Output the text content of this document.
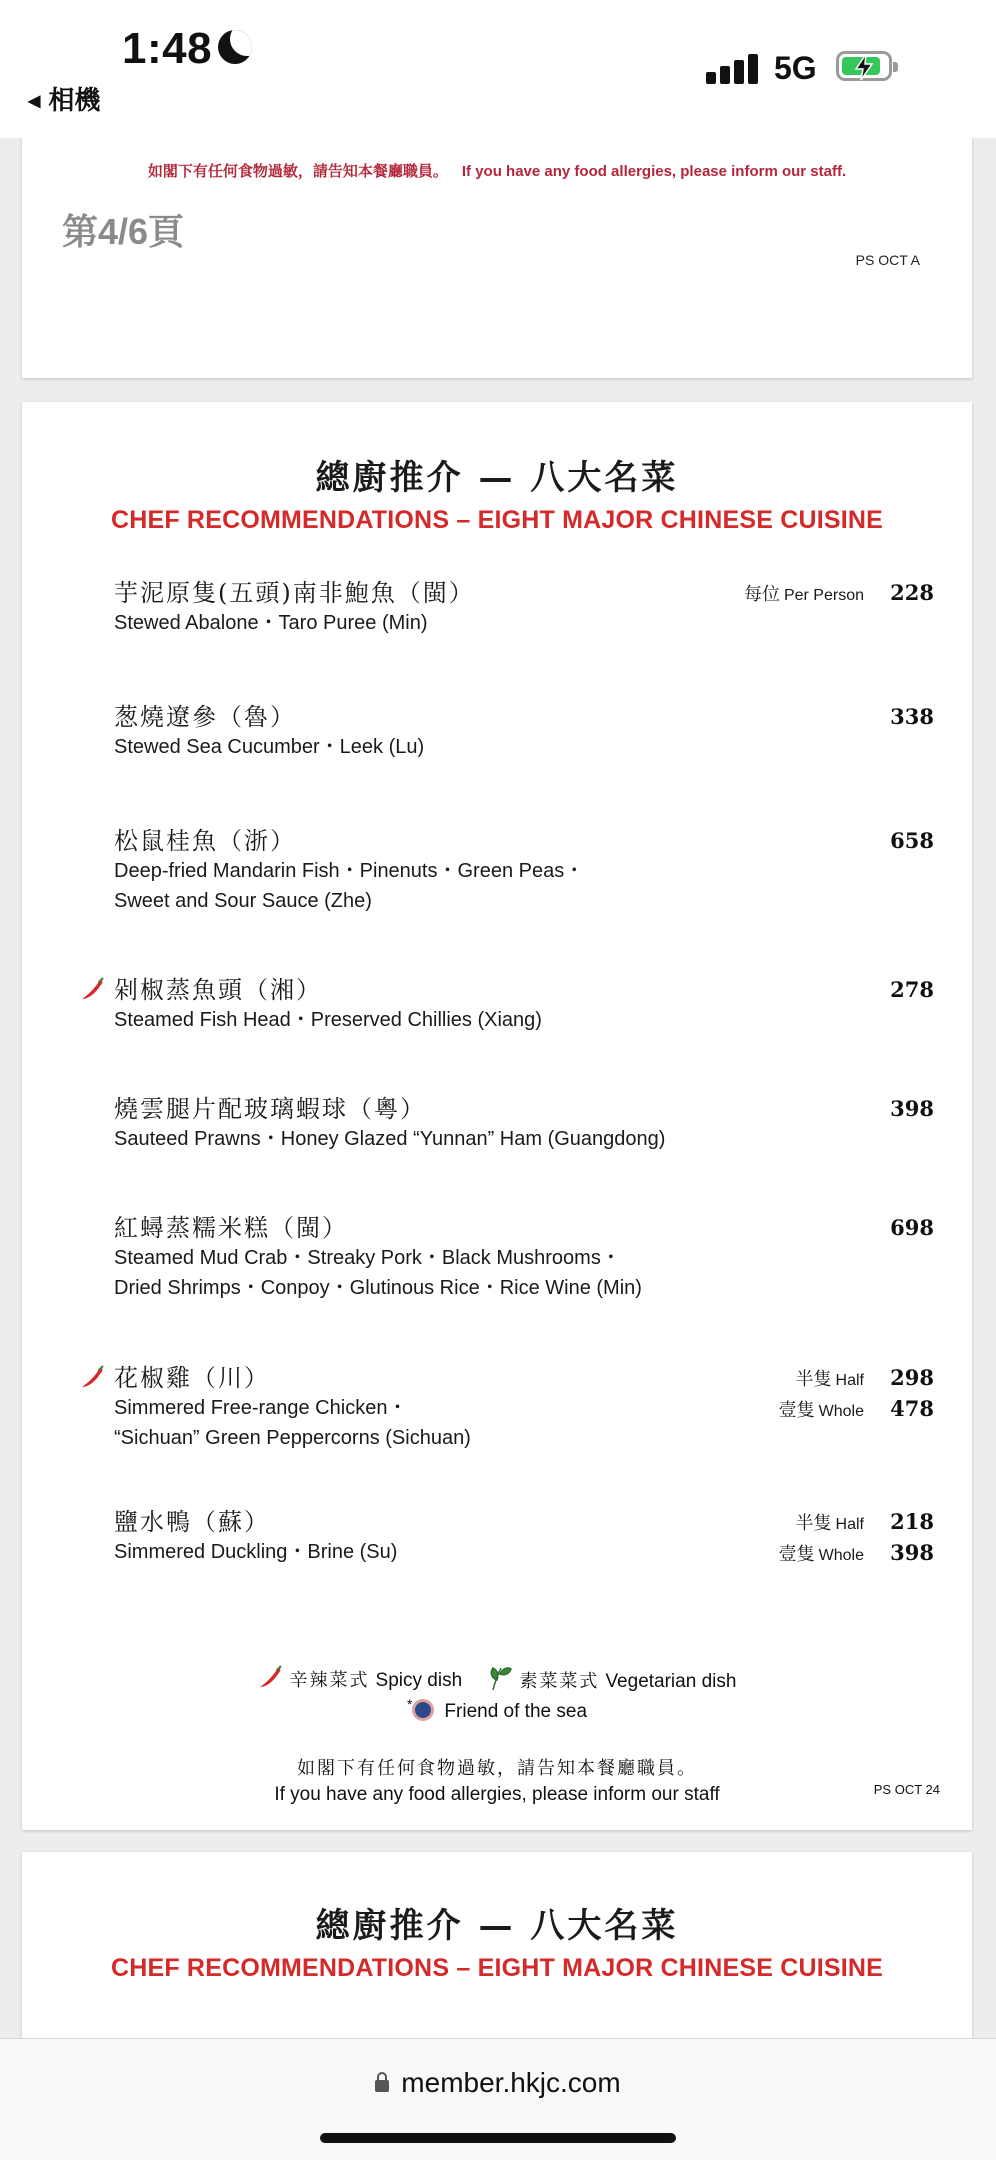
1:48
◀ 相機
5G
如閣下有任何食物過敏，請告知本餐廳職員。 If you have any food allergies, please inform our staff.
第4/6頁
PS OCT A
總廚推介 — 八大名菜
CHEF RECOMMENDATIONS – EIGHT MAJOR CHINESE CUISINE
芋泥原隻(五頭)南非鮑魚（閩）
Stewed Abalone・Taro Puree (Min)
每位 Per Person 228
葱燒遼參（魯）
Stewed Sea Cucumber・Leek (Lu)
338
松鼠桂魚（浙）
Deep-fried Mandarin Fish・Pinenuts・Green Peas・
Sweet and Sour Sauce (Zhe)
658
剁椒蒸魚頭（湘）
Steamed Fish Head・Preserved Chillies (Xiang)
278
燒雲腿片配玻璃蝦球（粵）
Sauteed Prawns・Honey Glazed “Yunnan” Ham (Guangdong)
398
紅蟳蒸糯米糕（閩）
Steamed Mud Crab・Streaky Pork・Black Mushrooms・
Dried Shrimps・Conpoy・Glutinous Rice・Rice Wine (Min)
698
花椒雞（川）
Simmered Free-range Chicken・
“Sichuan” Green Peppercorns (Sichuan)
半隻 Half 298
壹隻 Whole 478
鹽水鴨（蘇）
Simmered Duckling・Brine (Su)
半隻 Half 218
壹隻 Whole 398
辛辣菜式 Spicy dish	素菜菜式 Vegetarian dish
* Friend of the sea
如閣下有任何食物過敏，請告知本餐廳職員。
If you have any food allergies, please inform our staff	PS OCT 24
總廚推介 — 八大名菜
CHEF RECOMMENDATIONS – EIGHT MAJOR CHINESE CUISINE
member.hkjc.com
